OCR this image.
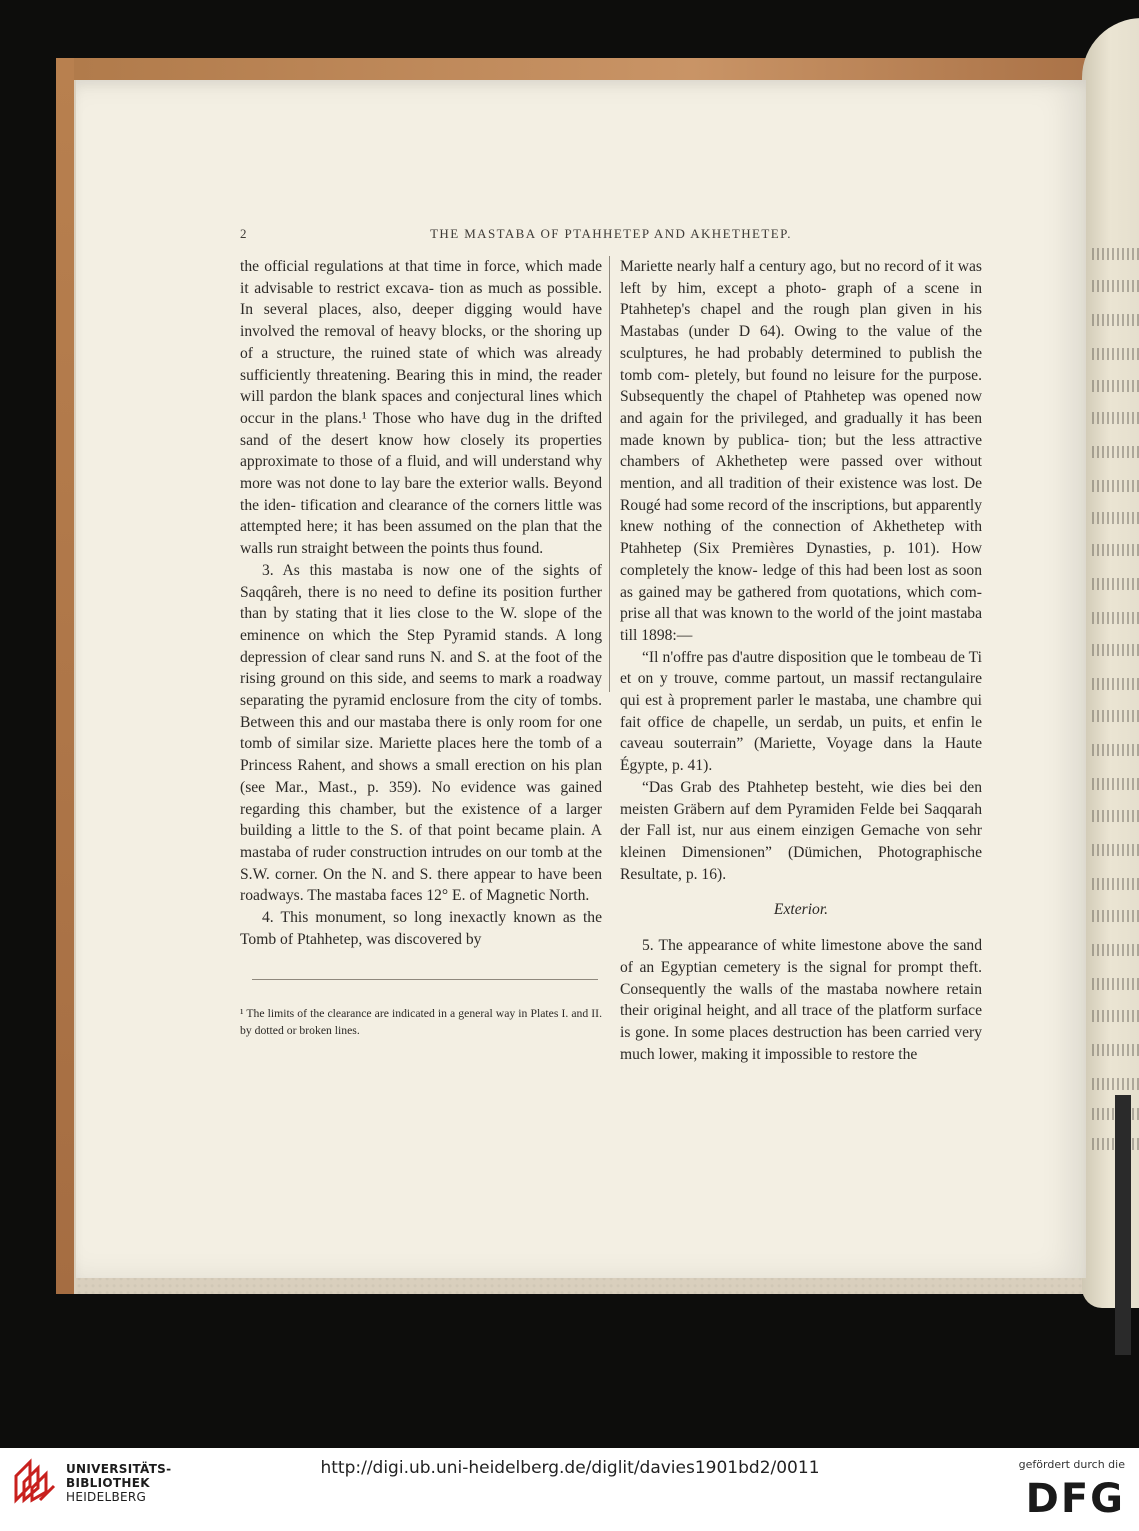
2	THE MASTABA OF PTAHHETEP AND AKHETHETEP.

the official regulations at that time in force, which made it advisable to restrict excava- tion as much as possible. In several places, also, deeper digging would have involved the removal of heavy blocks, or the shoring up of a structure, the ruined state of which was already sufficiently threatening. Bearing this in mind, the reader will pardon the blank spaces and conjectural lines which occur in the plans.¹ Those who have dug in the drifted sand of the desert know how closely its properties approximate to those of a fluid, and will understand why more was not done to lay bare the exterior walls. Beyond the iden- tification and clearance of the corners little was attempted here; it has been assumed on the plan that the walls run straight between the points thus found.

3. As this mastaba is now one of the sights of Saqqâreh, there is no need to define its position further than by stating that it lies close to the W. slope of the eminence on which the Step Pyramid stands. A long depression of clear sand runs N. and S. at the foot of the rising ground on this side, and seems to mark a roadway separating the pyramid enclosure from the city of tombs. Between this and our mastaba there is only room for one tomb of similar size. Mariette places here the tomb of a Princess Rahent, and shows a small erection on his plan (see Mar., Mast., p. 359). No evidence was gained regarding this chamber, but the existence of a larger building a little to the S. of that point became plain. A mastaba of ruder construction intrudes on our tomb at the S.W. corner. On the N. and S. there appear to have been roadways. The mastaba faces 12° E. of Magnetic North.

4. This monument, so long inexactly known as the Tomb of Ptahhetep, was discovered by

¹ The limits of the clearance are indicated in a general way in Plates I. and II. by dotted or broken lines.

Mariette nearly half a century ago, but no record of it was left by him, except a photo- graph of a scene in Ptahhetep's chapel and the rough plan given in his Mastabas (under D 64). Owing to the value of the sculptures, he had probably determined to publish the tomb com- pletely, but found no leisure for the purpose. Subsequently the chapel of Ptahhetep was opened now and again for the privileged, and gradually it has been made known by publica- tion; but the less attractive chambers of Akhethetep were passed over without mention, and all tradition of their existence was lost. De Rougé had some record of the inscriptions, but apparently knew nothing of the connection of Akhethetep with Ptahhetep (Six Premières Dynasties, p. 101). How completely the know- ledge of this had been lost as soon as gained may be gathered from quotations, which com- prise all that was known to the world of the joint mastaba till 1898:—

“Il n'offre pas d'autre disposition que le tombeau de Ti et on y trouve, comme partout, un massif rectangulaire qui est à proprement parler le mastaba, une chambre qui fait office de chapelle, un serdab, un puits, et enfin le caveau souterrain” (Mariette, Voyage dans la Haute Égypte, p. 41).

“Das Grab des Ptahhetep besteht, wie dies bei den meisten Gräbern auf dem Pyramiden Felde bei Saqqarah der Fall ist, nur aus einem einzigen Gemache von sehr kleinen Dimensionen” (Dümichen, Photographische Resultate, p. 16).

Exterior.

5. The appearance of white limestone above the sand of an Egyptian cemetery is the signal for prompt theft. Consequently the walls of the mastaba nowhere retain their original height, and all trace of the platform surface is gone. In some places destruction has been carried very much lower, making it impossible to restore the

UNIVERSITÄTS-
BIBLIOTHEK
HEIDELBERG
http://digi.ub.uni-heidelberg.de/diglit/davies1901bd2/0011	gefördert durch die
DFG
